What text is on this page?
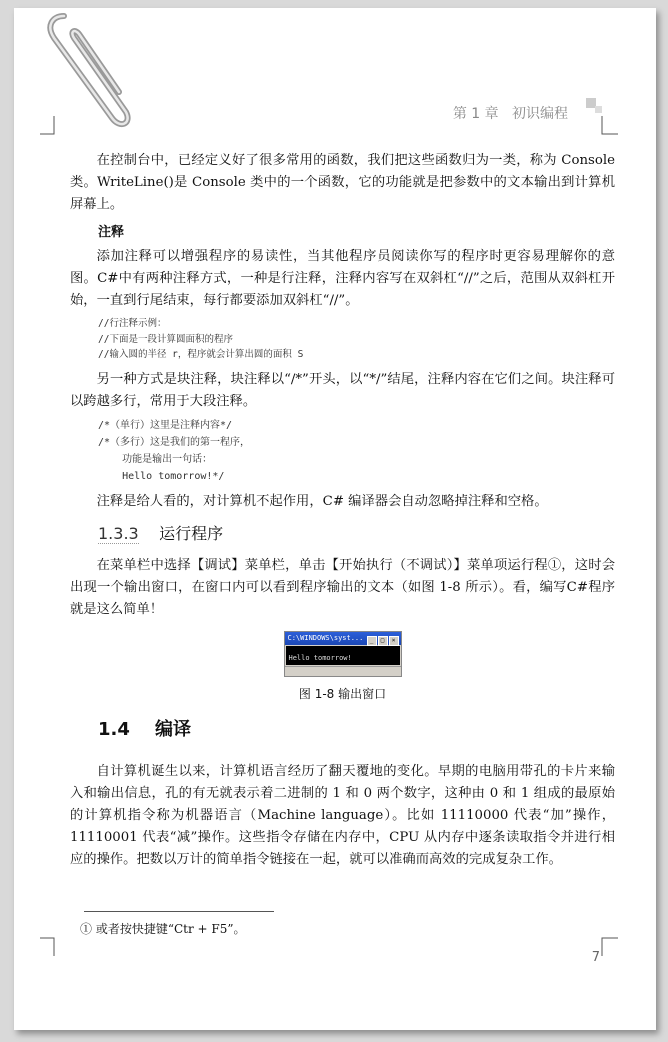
第 1 章 初识编程

在控制台中，已经定义好了很多常用的函数，我们把这些函数归为一类，称为 Console 类。WriteLine()是 Console 类中的一个函数，它的功能就是把参数中的文本输出到计算机屏幕上。

注释

添加注释可以增强程序的易读性，当其他程序员阅读你写的程序时更容易理解你的意图。C#中有两种注释方式，一种是行注释，注释内容写在双斜杠“//”之后，范围从双斜杠开始，一直到行尾结束，每行都要添加双斜杠“//”。

//行注释示例：
//下面是一段计算圆面积的程序
//输入圆的半径 r，程序就会计算出圆的面积 S

另一种方式是块注释，块注释以“/*”开头，以“*/”结尾，注释内容在它们之间。块注释可以跨越多行，常用于大段注释。

/*（单行）这里是注释内容*/
/*（多行）这是我们的第一程序，
功能是输出一句话：
Hello tomorrow!*/

注释是给人看的，对计算机不起作用，C# 编译器会自动忽略掉注释和空格。

1.3.3 运行程序

在菜单栏中选择【调试】菜单栏，单击【开始执行（不调试）】菜单项运行程①，这时会出现一个输出窗口，在窗口内可以看到程序输出的文本（如图 1-8 所示）。看，编写C#程序就是这么简单！

C:\WINDOWS\syst...	_ □ ×
Hello tomorrow!
图 1-8 输出窗口
1.4 编译

自计算机诞生以来，计算机语言经历了翻天覆地的变化。早期的电脑用带孔的卡片来输入和输出信息，孔的有无就表示着二进制的 1 和 0 两个数字，这种由 0 和 1 组成的最原始的计算机指令称为机器语言（Machine language）。比如 11110000 代表“加”操作，11110001 代表“减”操作。这些指令存储在内存中，CPU 从内存中逐条读取指令并进行相应的操作。把数以万计的简单指令链接在一起，就可以准确而高效的完成复杂工作。

① 或者按快捷键“Ctr + F5”。
7
